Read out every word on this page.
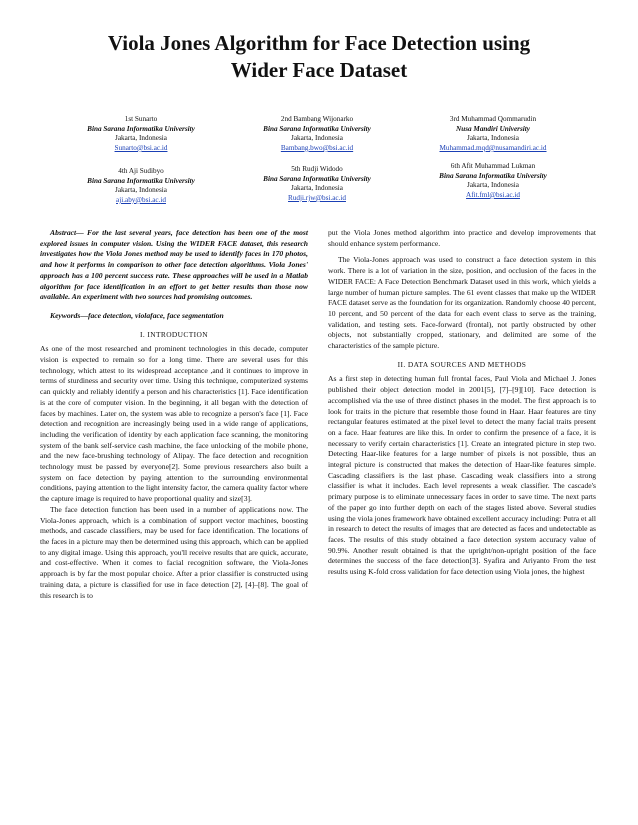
Viola Jones Algorithm for Face Detection using
Wider Face Dataset
1st Sunarto
Bina Sarana Informatika University
Jakarta, Indonesia
Sunarto@bsi.ac.id
2nd Bambang Wijonarko
Bina Sarana Informatika University
Jakarta, Indonesia
Bambang.bwo@bsi.ac.id
3rd Muhammad Qommarudin
Nusa Mandiri University
Jakarta, Indonesia
Muhammad.mqd@nusamandiri.ac.id
4th Aji Sudibyo
Bina Sarana Informatika University
Jakarta, Indonesia
aji.aby@bsi.ac.id
5th Rudji Widodo
Bina Sarana Informatika University
Jakarta, Indonesia
Rudji.rjw@bsi.ac.id
6th Afit Muhammad Lukman
Bina Sarana Informatika University
Jakarta, Indonesia
Afit.fml@bsi.ac.id

Abstract— For the last several years, face detection has been one of the most explored issues in computer vision. Using the WIDER FACE dataset, this research investigates how the Viola Jones method may be used to identify faces in 170 photos, and how it performs in comparison to other face detection algorithms. Viola Jones' approach has a 100 percent success rate. These approaches will be used in a Matlab algorithm for face identification in an effort to get better results than those now available. An experiment with two sources had promising outcomes.

Keywords—face detection, violaface, face segmentation

I. INTRODUCTION

As one of the most researched and prominent technologies in this decade, computer vision is expected to remain so for a long time. There are several uses for this technology, which attest to its widespread acceptance ,and it continues to improve in terms of sturdiness and security over time. Using this technique, computerized systems can quickly and reliably identify a person and his characteristics [1]. Face identification is at the core of computer vision. In the beginning, it all began with the detection of faces by machines. Later on, the system was able to recognize a person's face [1]. Face detection and recognition are increasingly being used in a wide range of applications, including the verification of identity by each application face scanning, the monitoring system of the bank self-service cash machine, the face unlocking of the mobile phone, and the new face-brushing technology of Alipay. The face detection and recognition technology must be passed by everyone[2]. Some previous researchers also built a system on face detection by paying attention to the surrounding environmental conditions, paying attention to the light intensity factor, the camera quality factor where the capture image is required to have proportional quality and size[3].

The face detection function has been used in a number of applications now. The Viola-Jones approach, which is a combination of support vector machines, boosting methods, and cascade classifiers, may be used for face identification. The locations of the faces in a picture may then be determined using this approach, which can be applied to any digital image. Using this approach, you'll receive results that are quick, accurate, and cost-effective. When it comes to facial recognition software, the Viola-Jones approach is by far the most popular choice. After a prior classifier is constructed using training data, a picture is classified for use in face detection [2], [4]–[8]. The goal of this research is to

put the Viola Jones method algorithm into practice and develop improvements that should enhance system performance.

The Viola-Jones approach was used to construct a face detection system in this work. There is a lot of variation in the size, position, and occlusion of the faces in the WIDER FACE: A Face Detection Benchmark Dataset used in this work, which yields a large number of human picture samples. The 61 event classes that make up the WIDER FACE dataset serve as the foundation for its organization. Randomly choose 40 percent, 10 percent, and 50 percent of the data for each event class to serve as the training, validation, and testing sets. Face-forward (frontal), not partly obstructed by other objects, not substantially cropped, stationary, and delimited are some of the characteristics of the sample picture.

II. DATA SOURCES AND METHODS

As a first step in detecting human full frontal faces, Paul Viola and Michael J. Jones published their object detection model in 2001[5], [7]–[9][10]. Face detection is accomplished via the use of three distinct phases in the model. The first approach is to look for traits in the picture that resemble those found in Haar. Haar features are tiny rectangular features estimated at the pixel level to detect the many facial traits present on a face. Haar features are like this. In order to confirm the presence of a face, it is necessary to verify certain characteristics [1]. Create an integrated picture in step two. Detecting Haar-like features for a large number of pixels is not possible, thus an integral picture is constructed that makes the detection of Haar-like features simple. Cascading classifiers is the last phase. Cascading weak classifiers into a strong classifier is what it includes. Each level represents a weak classifier. The cascade's primary purpose is to eliminate unnecessary faces in order to save time. The next parts of the paper go into further depth on each of the stages listed above. Several studies using the viola jones framework have obtained excellent accuracy including: Putra et all in research to detect the results of images that are detected as faces and undetectable as faces. The results of this study obtained a face detection system accuracy value of 90.9%. Another result obtained is that the upright/non-upright position of the face determines the success of the face detection[3]. Syafira and Ariyanto From the test results using K-fold cross validation for face detection using Viola jones, the highest
